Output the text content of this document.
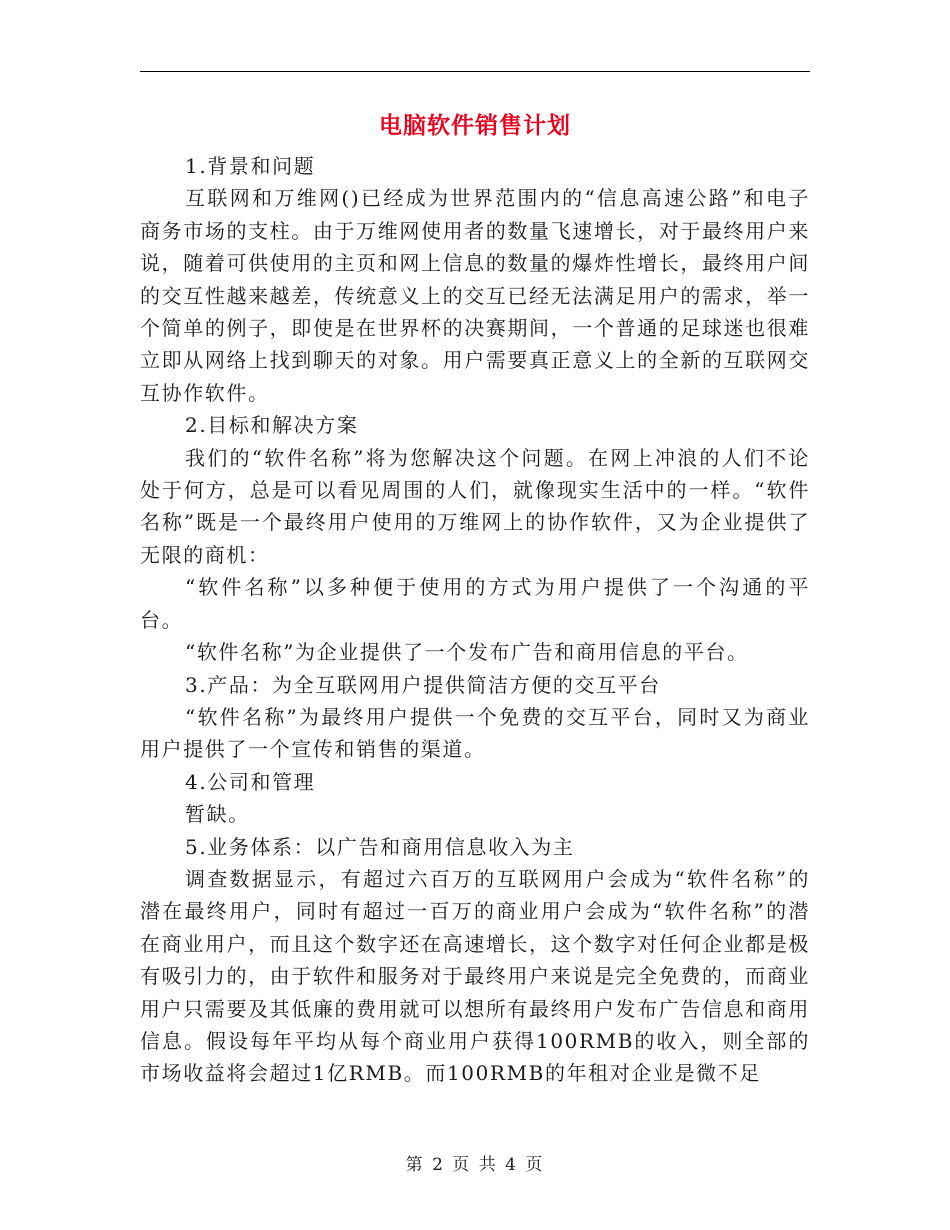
电脑软件销售计划

1.背景和问题

互联网和万维网()已经成为世界范围内的“信息高速公路”和电子商务市场的支柱。由于万维网使用者的数量飞速增长，对于最终用户来说，随着可供使用的主页和网上信息的数量的爆炸性增长，最终用户间的交互性越来越差，传统意义上的交互已经无法满足用户的需求，举一个简单的例子，即使是在世界杯的决赛期间，一个普通的足球迷也很难立即从网络上找到聊天的对象。用户需要真正意义上的全新的互联网交互协作软件。

2.目标和解决方案

我们的“软件名称”将为您解决这个问题。在网上冲浪的人们不论处于何方，总是可以看见周围的人们，就像现实生活中的一样。“软件名称”既是一个最终用户使用的万维网上的协作软件，又为企业提供了无限的商机：

“软件名称”以多种便于使用的方式为用户提供了一个沟通的平台。

“软件名称”为企业提供了一个发布广告和商用信息的平台。

3.产品：为全互联网用户提供简洁方便的交互平台

“软件名称”为最终用户提供一个免费的交互平台，同时又为商业用户提供了一个宣传和销售的渠道。

4.公司和管理

暂缺。

5.业务体系：以广告和商用信息收入为主

调查数据显示，有超过六百万的互联网用户会成为“软件名称”的潜在最终用户，同时有超过一百万的商业用户会成为“软件名称”的潜在商业用户，而且这个数字还在高速增长，这个数字对任何企业都是极有吸引力的，由于软件和服务对于最终用户来说是完全免费的，而商业用户只需要及其低廉的费用就可以想所有最终用户发布广告信息和商用信息。假设每年平均从每个商业用户获得100RMB的收入，则全部的市场收益将会超过1亿RMB。而100RMB的年租对企业是微不足

第 2 页 共 4 页
